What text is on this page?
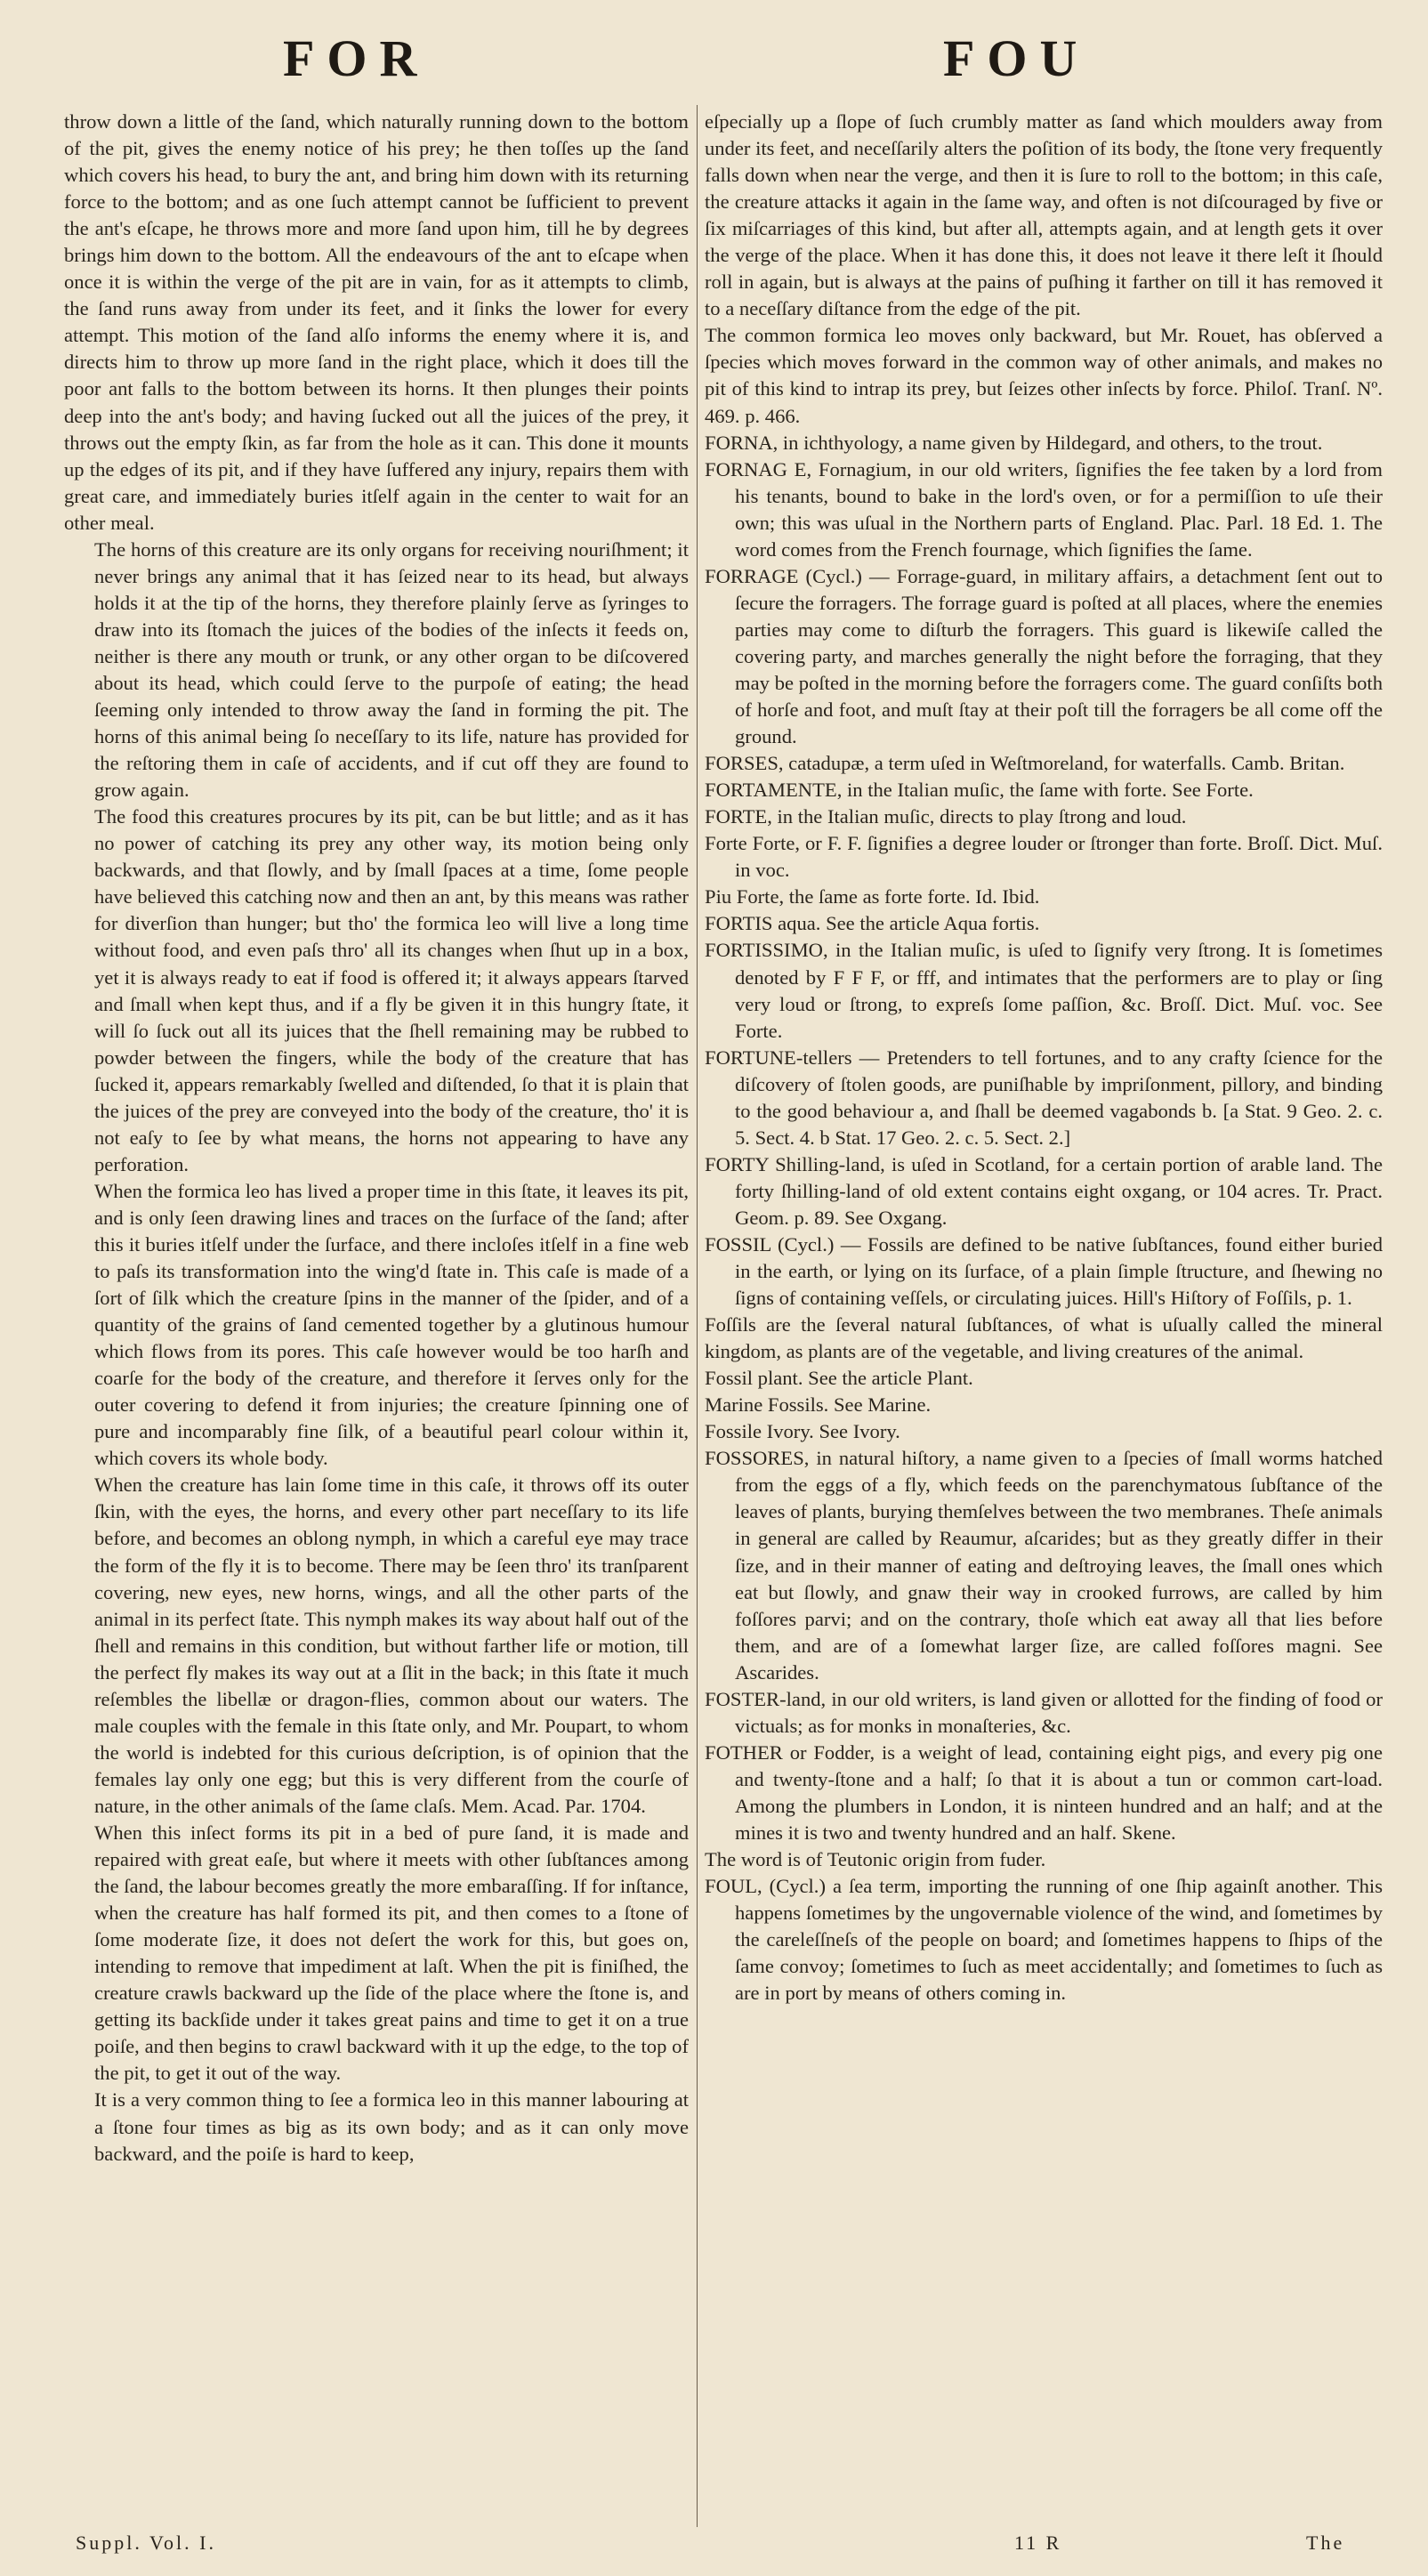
FOR	FOU

throw down a little of the ſand, which naturally running down to the bottom of the pit, gives the enemy notice of his prey; he then toſſes up the ſand which covers his head, to bury the ant, and bring him down with its returning force to the bottom; and as one ſuch attempt cannot be ſufficient to prevent the ant's eſcape, he throws more and more ſand upon him, till he by degrees brings him down to the bottom. All the endeavours of the ant to eſcape when once it is within the verge of the pit are in vain, for as it attempts to climb, the ſand runs away from under its feet, and it ſinks the lower for every attempt. This motion of the ſand alſo informs the enemy where it is, and directs him to throw up more ſand in the right place, which it does till the poor ant falls to the bottom between its horns. It then plunges their points deep into the ant's body; and having ſucked out all the juices of the prey, it throws out the empty ſkin, as far from the hole as it can. This done it mounts up the edges of its pit, and if they have ſuffered any injury, repairs them with great care, and immediately buries itſelf again in the center to wait for an other meal.

The horns of this creature are its only organs for receiving nouriſhment; it never brings any animal that it has ſeized near to its head, but always holds it at the tip of the horns, they therefore plainly ſerve as ſyringes to draw into its ſtomach the juices of the bodies of the inſects it feeds on, neither is there any mouth or trunk, or any other organ to be diſcovered about its head, which could ſerve to the purpoſe of eating; the head ſeeming only intended to throw away the ſand in forming the pit. The horns of this animal being ſo neceſſary to its life, nature has provided for the reſtoring them in caſe of accidents, and if cut off they are found to grow again.

The food this creatures procures by its pit, can be but little; and as it has no power of catching its prey any other way, its motion being only backwards, and that ſlowly, and by ſmall ſpaces at a time, ſome people have believed this catching now and then an ant, by this means was rather for diverſion than hunger; but tho' the formica leo will live a long time without food, and even paſs thro' all its changes when ſhut up in a box, yet it is always ready to eat if food is offered it; it always appears ſtarved and ſmall when kept thus, and if a fly be given it in this hungry ſtate, it will ſo ſuck out all its juices that the ſhell remaining may be rubbed to powder between the fingers, while the body of the creature that has ſucked it, appears remarkably ſwelled and diſtended, ſo that it is plain that the juices of the prey are conveyed into the body of the creature, tho' it is not eaſy to ſee by what means, the horns not appearing to have any perforation.

When the formica leo has lived a proper time in this ſtate, it leaves its pit, and is only ſeen drawing lines and traces on the ſurface of the ſand; after this it buries itſelf under the ſurface, and there incloſes itſelf in a fine web to paſs its transformation into the wing'd ſtate in. This caſe is made of a ſort of ſilk which the creature ſpins in the manner of the ſpider, and of a quantity of the grains of ſand cemented together by a glutinous humour which flows from its pores. This caſe however would be too harſh and coarſe for the body of the creature, and therefore it ſerves only for the outer covering to defend it from injuries; the creature ſpinning one of pure and incomparably fine ſilk, of a beautiful pearl colour within it, which covers its whole body.

When the creature has lain ſome time in this caſe, it throws off its outer ſkin, with the eyes, the horns, and every other part neceſſary to its life before, and becomes an oblong nymph, in which a careful eye may trace the form of the fly it is to become. There may be ſeen thro' its tranſparent covering, new eyes, new horns, wings, and all the other parts of the animal in its perfect ſtate. This nymph makes its way about half out of the ſhell and remains in this condition, but without farther life or motion, till the perfect fly makes its way out at a ſlit in the back; in this ſtate it much reſembles the libellæ or dragon-flies, common about our waters. The male couples with the female in this ſtate only, and Mr. Poupart, to whom the world is indebted for this curious deſcription, is of opinion that the females lay only one egg; but this is very different from the courſe of nature, in the other animals of the ſame claſs. Mem. Acad. Par. 1704.

When this inſect forms its pit in a bed of pure ſand, it is made and repaired with great eaſe, but where it meets with other ſubſtances among the ſand, the labour becomes greatly the more embaraſſing. If for inſtance, when the creature has half formed its pit, and then comes to a ſtone of ſome moderate ſize, it does not deſert the work for this, but goes on, intending to remove that impediment at laſt. When the pit is finiſhed, the creature crawls backward up the ſide of the place where the ſtone is, and getting its backſide under it takes great pains and time to get it on a true poiſe, and then begins to crawl backward with it up the edge, to the top of the pit, to get it out of the way.

It is a very common thing to ſee a formica leo in this manner labouring at a ſtone four times as big as its own body; and as it can only move backward, and the poiſe is hard to keep,

eſpecially up a ſlope of ſuch crumbly matter as ſand which moulders away from under its feet, and neceſſarily alters the poſition of its body, the ſtone very frequently falls down when near the verge, and then it is ſure to roll to the bottom; in this caſe, the creature attacks it again in the ſame way, and often is not diſcouraged by five or ſix miſcarriages of this kind, but after all, attempts again, and at length gets it over the verge of the place. When it has done this, it does not leave it there leſt it ſhould roll in again, but is always at the pains of puſhing it farther on till it has removed it to a neceſſary diſtance from the edge of the pit.

The common formica leo moves only backward, but Mr. Rouet, has obſerved a ſpecies which moves forward in the common way of other animals, and makes no pit of this kind to intrap its prey, but ſeizes other inſects by force. Philoſ. Tranſ. Nº. 469. p. 466.

FORNA, in ichthyology, a name given by Hildegard, and others, to the trout.

FORNAG E, Fornagium, in our old writers, ſignifies the fee taken by a lord from his tenants, bound to bake in the lord's oven, or for a permiſſion to uſe their own; this was uſual in the Northern parts of England. Plac. Parl. 18 Ed. 1. The word comes from the French fournage, which ſignifies the ſame.

FORRAGE (Cycl.) — Forrage-guard, in military affairs, a detachment ſent out to ſecure the forragers. The forrage guard is poſted at all places, where the enemies parties may come to diſturb the forragers. This guard is likewiſe called the covering party, and marches generally the night before the forraging, that they may be poſted in the morning before the forragers come. The guard conſiſts both of horſe and foot, and muſt ſtay at their poſt till the forragers be all come off the ground.

FORSES, catadupæ, a term uſed in Weſtmoreland, for waterfalls. Camb. Britan.

FORTAMENTE, in the Italian muſic, the ſame with forte. See Forte.

FORTE, in the Italian muſic, directs to play ſtrong and loud.

Forte Forte, or F. F. ſignifies a degree louder or ſtronger than forte. Broſſ. Dict. Muſ. in voc.

Piu Forte, the ſame as forte forte. Id. Ibid.

FORTIS aqua. See the article Aqua fortis.

FORTISSIMO, in the Italian muſic, is uſed to ſignify very ſtrong. It is ſometimes denoted by F F F, or fff, and intimates that the performers are to play or ſing very loud or ſtrong, to expreſs ſome paſſion, &c. Broſſ. Dict. Muſ. voc. See Forte.

FORTUNE-tellers — Pretenders to tell fortunes, and to any crafty ſcience for the diſcovery of ſtolen goods, are puniſhable by impriſonment, pillory, and binding to the good behaviour a, and ſhall be deemed vagabonds b. [a Stat. 9 Geo. 2. c. 5. Sect. 4. b Stat. 17 Geo. 2. c. 5. Sect. 2.]

FORTY Shilling-land, is uſed in Scotland, for a certain portion of arable land. The forty ſhilling-land of old extent contains eight oxgang, or 104 acres. Tr. Pract. Geom. p. 89. See Oxgang.

FOSSIL (Cycl.) — Fossils are defined to be native ſubſtances, found either buried in the earth, or lying on its ſurface, of a plain ſimple ſtructure, and ſhewing no ſigns of containing veſſels, or circulating juices. Hill's Hiſtory of Foſſils, p. 1.

Foſſils are the ſeveral natural ſubſtances, of what is uſually called the mineral kingdom, as plants are of the vegetable, and living creatures of the animal.

Fossil plant. See the article Plant.

Marine Fossils. See Marine.

Fossile Ivory. See Ivory.

FOSSORES, in natural hiſtory, a name given to a ſpecies of ſmall worms hatched from the eggs of a fly, which feeds on the parenchymatous ſubſtance of the leaves of plants, burying themſelves between the two membranes. Theſe animals in general are called by Reaumur, aſcarides; but as they greatly differ in their ſize, and in their manner of eating and deſtroying leaves, the ſmall ones which eat but ſlowly, and gnaw their way in crooked furrows, are called by him foſſores parvi; and on the contrary, thoſe which eat away all that lies before them, and are of a ſomewhat larger ſize, are called foſſores magni. See Ascarides.

FOSTER-land, in our old writers, is land given or allotted for the finding of food or victuals; as for monks in monaſteries, &c.

FOTHER or Fodder, is a weight of lead, containing eight pigs, and every pig one and twenty-ſtone and a half; ſo that it is about a tun or common cart-load. Among the plumbers in London, it is ninteen hundred and an half; and at the mines it is two and twenty hundred and an half. Skene.

The word is of Teutonic origin from fuder.

FOUL, (Cycl.) a ſea term, importing the running of one ſhip againſt another. This happens ſometimes by the ungovernable violence of the wind, and ſometimes by the careleſſneſs of the people on board; and ſometimes happens to ſhips of the ſame convoy; ſometimes to ſuch as meet accidentally; and ſometimes to ſuch as are in port by means of others coming in.

Suppl. Vol. I.	11 R	The
